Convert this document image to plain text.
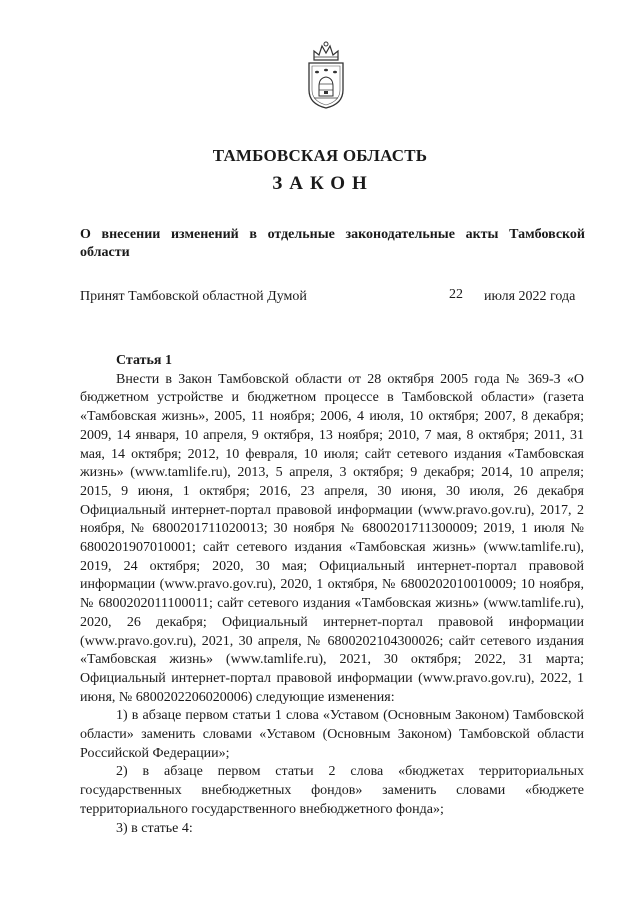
ТАМБОВСКАЯ ОБЛАСТЬ
ЗАКОН
О внесении изменений в отдельные законодательные акты Тамбовской области
Принят Тамбовской областной Думой	22 июля 2022 года

Статья 1

Внести в Закон Тамбовской области от 28 октября 2005 года № 369-З «О бюджетном устройстве и бюджетном процессе в Тамбовской области» (газета «Тамбовская жизнь», 2005, 11 ноября; 2006, 4 июля, 10 октября; 2007, 8 декабря; 2009, 14 января, 10 апреля, 9 октября, 13 ноября; 2010, 7 мая, 8 октября; 2011, 31 мая, 14 октября; 2012, 10 февраля, 10 июля; сайт сетевого издания «Тамбовская жизнь» (www.tamlife.ru), 2013, 5 апреля, 3 октября; 9 декабря; 2014, 10 апреля; 2015, 9 июня, 1 октября; 2016, 23 апреля, 30 июня, 30 июля, 26 декабря Официальный интернет-портал правовой информации (www.pravo.gov.ru), 2017, 2 ноября, № 6800201711020013; 30 ноября № 6800201711300009; 2019, 1 июля № 6800201907010001; сайт сетевого издания «Тамбовская жизнь» (www.tamlife.ru), 2019, 24 октября; 2020, 30 мая; Официальный интернет-портал правовой информации (www.pravo.gov.ru), 2020, 1 октября, № 6800202010010009; 10 ноября, № 6800202011100011; сайт сетевого издания «Тамбовская жизнь» (www.tamlife.ru), 2020, 26 декабря; Официальный интернет-портал правовой информации (www.pravo.gov.ru), 2021, 30 апреля, № 6800202104300026; сайт сетевого издания «Тамбовская жизнь» (www.tamlife.ru), 2021, 30 октября; 2022, 31 марта; Официальный интернет-портал правовой информации (www.pravo.gov.ru), 2022, 1 июня, № 6800202206020006) следующие изменения:

1) в абзаце первом статьи 1 слова «Уставом (Основным Законом) Тамбовской области» заменить словами «Уставом (Основным Законом) Тамбовской области Российской Федерации»;

2) в абзаце первом статьи 2 слова «бюджетах территориальных государственных внебюджетных фондов» заменить словами «бюджете территориального государственного внебюджетного фонда»;

3) в статье 4:
